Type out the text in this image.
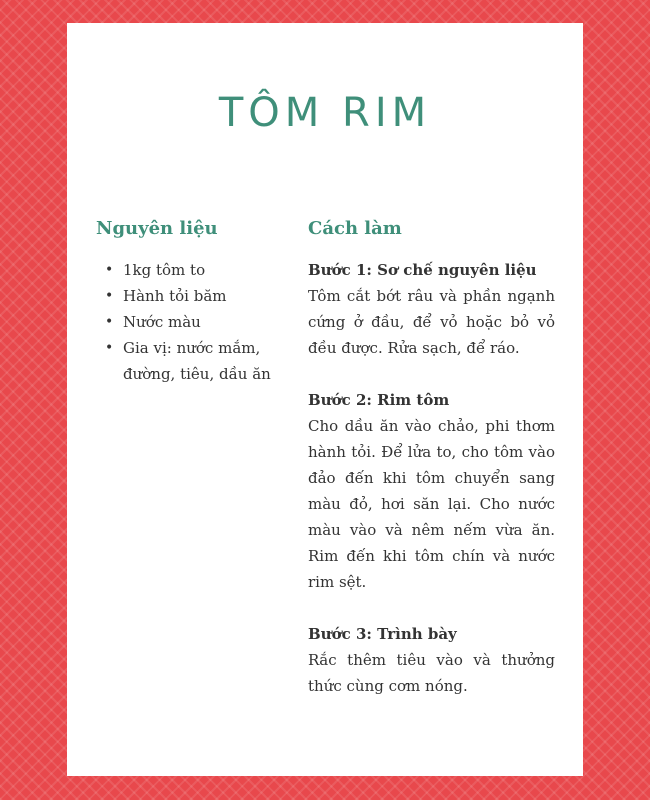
TÔM RIM
Nguyên liệu
• 1kg tôm to
• Hành tỏi băm
• Nước màu
• Gia vị: nước mắm, đường, tiêu, dầu ăn
Cách làm
Bước 1: Sơ chế nguyên liệu
Tôm cắt bớt râu và phần ngạnh cứng ở đầu, để vỏ hoặc bỏ vỏ đều được. Rửa sạch, để ráo.
Bước 2: Rim tôm
Cho dầu ăn vào chảo, phi thơm hành tỏi. Để lửa to, cho tôm vào đảo đến khi tôm chuyển sang màu đỏ, hơi săn lại. Cho nước màu vào và nêm nếm vừa ăn. Rim đến khi tôm chín và nước rim sệt.
Bước 3: Trình bày
Rắc thêm tiêu vào và thưởng thức cùng cơm nóng.
